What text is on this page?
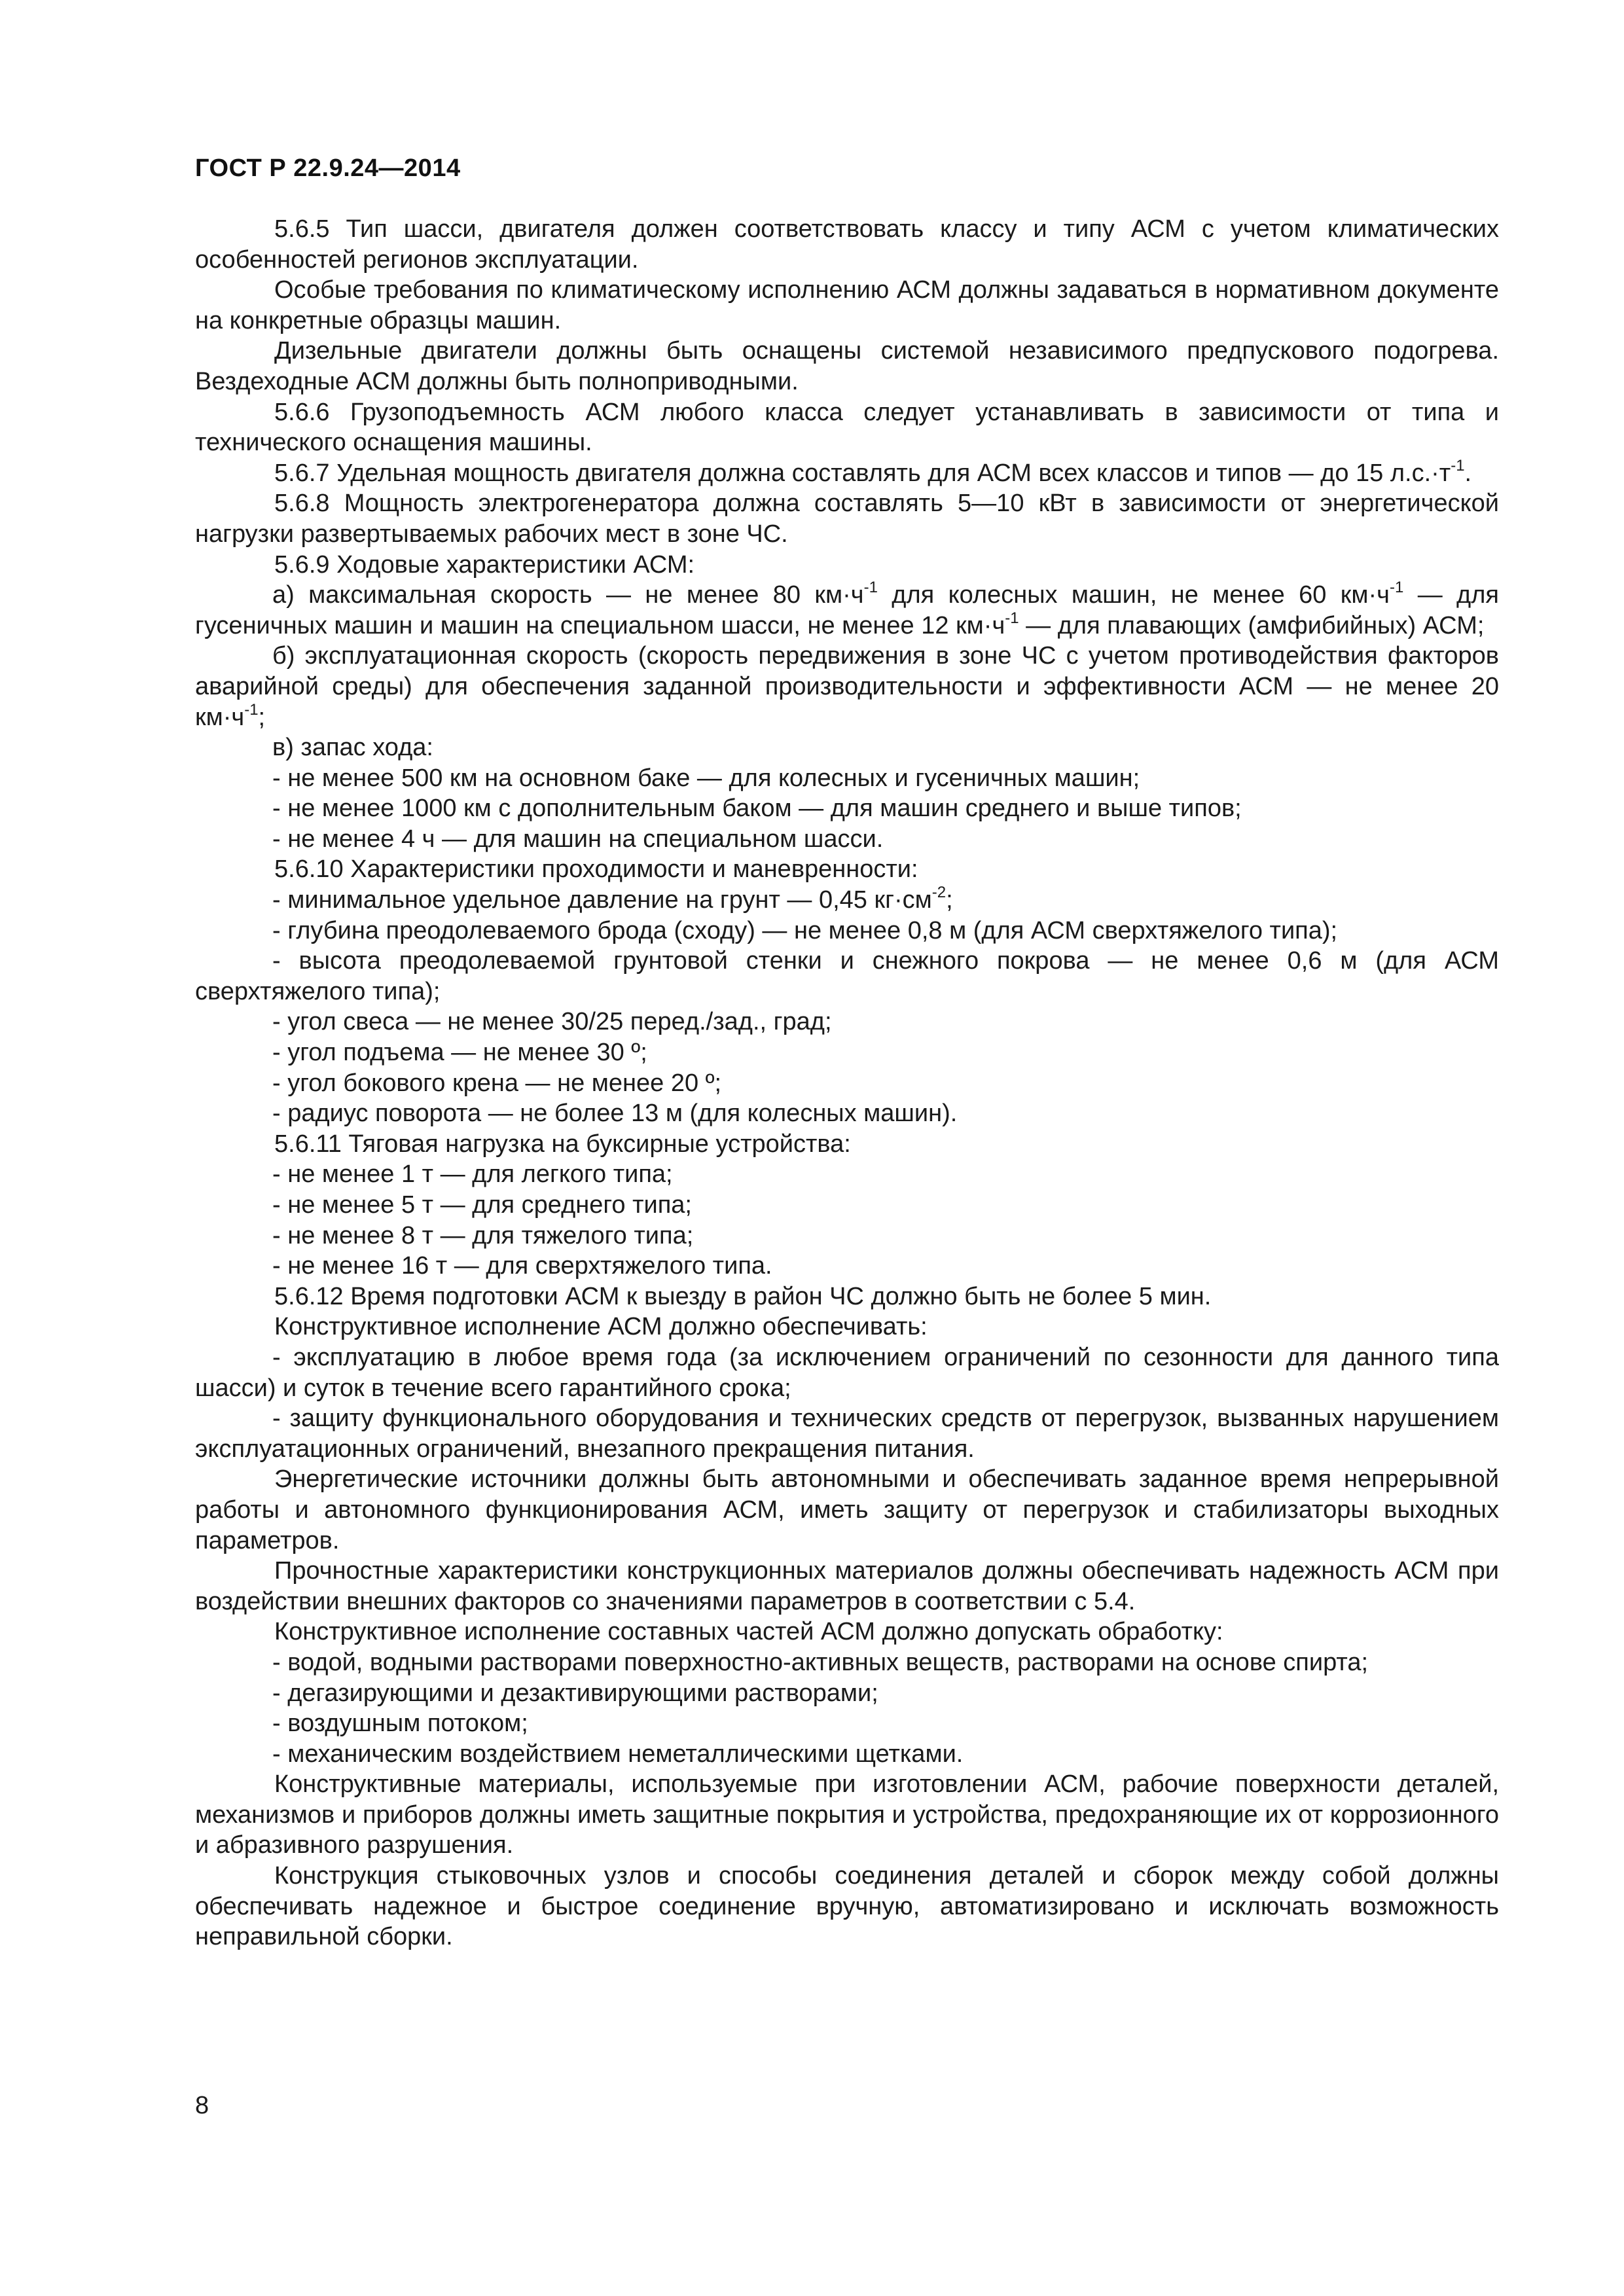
ГОСТ Р 22.9.24—2014

5.6.5 Тип шасси, двигателя должен соответствовать классу и типу АСМ с учетом климатических особенностей регионов эксплуатации.

Особые требования по климатическому исполнению АСМ должны задаваться в нормативном документе на конкретные образцы машин.

Дизельные двигатели должны быть оснащены системой независимого предпускового подогрева. Вездеходные АСМ должны быть полноприводными.

5.6.6 Грузоподъемность АСМ любого класса следует устанавливать в зависимости от типа и технического оснащения машины.

5.6.7 Удельная мощность двигателя должна составлять для АСМ всех классов и типов — до 15 $л.с.\cdot т^{-1}$.

5.6.8 Мощность электрогенератора должна составлять 5—10 кВт в зависимости от энергетической нагрузки развертываемых рабочих мест в зоне ЧС.

5.6.9 Ходовые характеристики АСМ:

а) максимальная скорость — не менее 80 $км\cdot ч^{-1}$ для колесных машин, не менее 60 $км\cdot ч^{-1}$ — для гусеничных машин и машин на специальном шасси, не менее 12 $км\cdot ч^{-1}$ — для плавающих (амфибийных) АСМ;

б) эксплуатационная скорость (скорость передвижения в зоне ЧС с учетом противодействия факторов аварийной среды) для обеспечения заданной производительности и эффективности АСМ — не менее 20 $км\cdot ч^{-1}$;

в) запас хода:

- не менее 500 км на основном баке — для колесных и гусеничных машин;

- не менее 1000 км с дополнительным баком — для машин среднего и выше типов;

- не менее 4 ч — для машин на специальном шасси.

5.6.10 Характеристики проходимости и маневренности:

- минимальное удельное давление на грунт — 0,45 $кг\cdot см^{-2}$;

- глубина преодолеваемого брода (сходу) — не менее 0,8 м (для АСМ сверхтяжелого типа);

- высота преодолеваемой грунтовой стенки и снежного покрова — не менее 0,6 м (для АСМ сверхтяжелого типа);

- угол свеса — не менее 30/25 перед./зад., град;

- угол подъема — не менее 30 º;

- угол бокового крена — не менее 20 º;

- радиус поворота — не более 13 м (для колесных машин).

5.6.11 Тяговая нагрузка на буксирные устройства:

- не менее 1 т — для легкого типа;

- не менее 5 т — для среднего типа;

- не менее 8 т — для тяжелого типа;

- не менее 16 т — для сверхтяжелого типа.

5.6.12 Время подготовки АСМ к выезду в район ЧС должно быть не более 5 мин.

Конструктивное исполнение АСМ должно обеспечивать:

- эксплуатацию в любое время года (за исключением ограничений по сезонности для данного типа шасси) и суток в течение всего гарантийного срока;

- защиту функционального оборудования и технических средств от перегрузок, вызванных нарушением эксплуатационных ограничений, внезапного прекращения питания.

Энергетические источники должны быть автономными и обеспечивать заданное время непрерывной работы и автономного функционирования АСМ, иметь защиту от перегрузок и стабилизаторы выходных параметров.

Прочностные характеристики конструкционных материалов должны обеспечивать надежность АСМ при воздействии внешних факторов со значениями параметров в соответствии с 5.4.

Конструктивное исполнение составных частей АСМ должно допускать обработку:

- водой, водными растворами поверхностно-активных веществ, растворами на основе спирта;

- дегазирующими и дезактивирующими растворами;

- воздушным потоком;

- механическим воздействием неметаллическими щетками.

Конструктивные материалы, используемые при изготовлении АСМ, рабочие поверхности деталей, механизмов и приборов должны иметь защитные покрытия и устройства, предохраняющие их от коррозионного и абразивного разрушения.

Конструкция стыковочных узлов и способы соединения деталей и сборок между собой должны обеспечивать надежное и быстрое соединение вручную, автоматизировано и исключать возможность неправильной сборки.

8
